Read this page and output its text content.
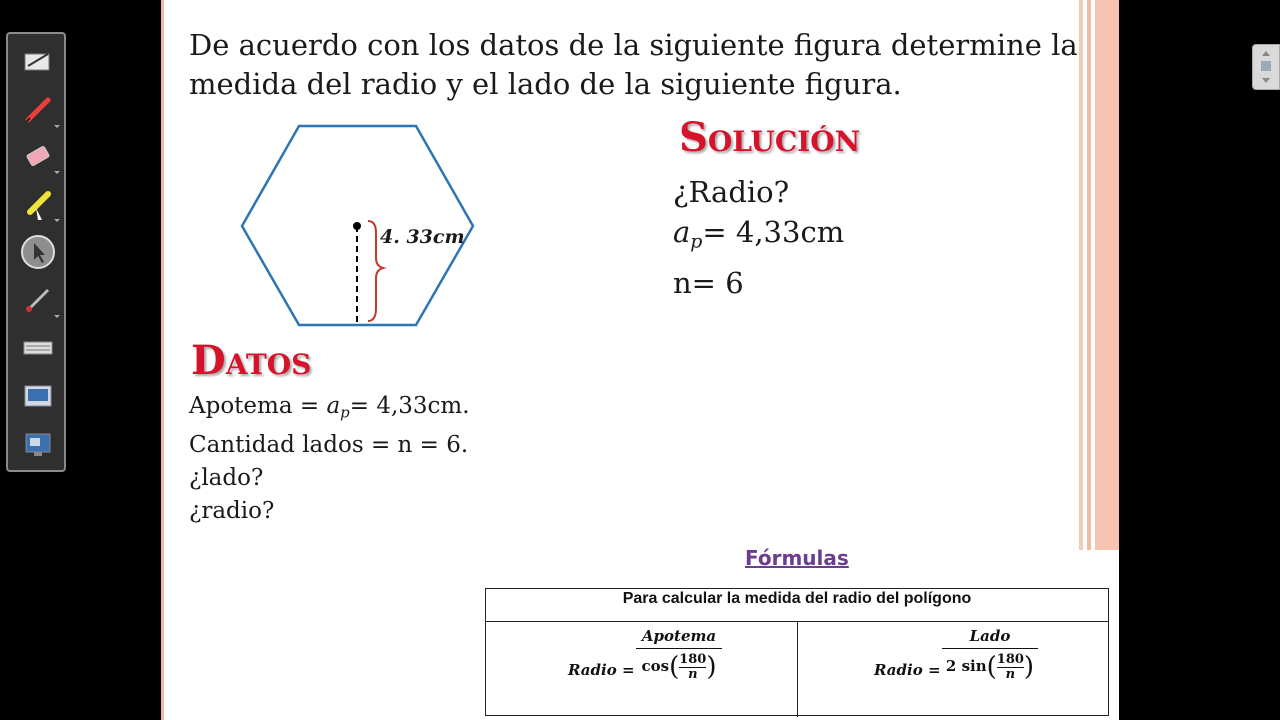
De acuerdo con los datos de la siguiente figura determine la
medida del radio y el lado de la siguiente figura.
4. 33cm
Solución
¿Radio?
$a_p= 4,33cm$
n= 6
Datos
Apotema = $a_p= 4,33cm$.
Cantidad lados = n = 6.
¿lado?
¿radio?
Fórmulas
Para calcular la medida del radio del polígono
Radio =
Apotema
$\cos(\frac{180}{n})$	Radio =
Lado
2 $\sin(\frac{180}{n})$
